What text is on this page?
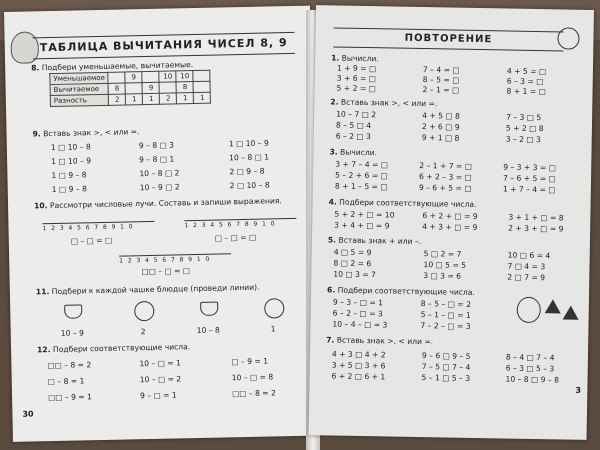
ТАБЛИЦА ВЫЧИТАНИЯ ЧИСЕЛ 8, 9
8. Подбери уменьшаемые, вычитаемые.
Уменьшаемое		9		10	10	
Вычитаемое	8		9		8	
Разность	2	1	1	2	1	1
9. Вставь знак >, < или =.
1 □ 10 – 8
1 □ 10 – 9
1 □ 9 – 8
1 □ 9 – 8
9 – 8 □ 3
9 – 8 □ 1
10 – 8 □ 2
10 – 9 □ 2
1 □ 10 – 9
10 – 8 □ 1
2 □ 9 – 8
2 □ 10 – 8
10. Рассмотри числовые лучи. Составь и запиши выражения.
12345678910
□ – □ = □
12345678910
□ – □ = □
12345678910
□□ – □ = □
11. Подбери к каждой чашке блюдце (проведи линии).
10 – 9	2	10 – 8	1
12. Подбери соответствующие числа.
□□ – 8 = 2
□ – 8 = 1
□□ – 9 = 1
10 – □ = 1
10 – □ = 2
9 – □ = 1
□ – 9 = 1
10 – □ = 8
□□ – 8 = 2
30
ПОВТОРЕНИЕ
1. Вычисли.
1 + 9 = □
3 + 6 = □
5 + 2 = □
7 – 4 = □
8 – 5 = □
2 – 1 = □
4 + 5 = □
6 – 3 = □
8 + 1 = □
2. Вставь знак >, < или =.
10 – 7 □ 2
8 – 5 □ 4
6 – 2 □ 3
4 + 5 □ 8
2 + 6 □ 9
9 + 1 □ 8
7 – 3 □ 5
5 + 2 □ 8
3 – 2 □ 3
3. Вычисли.
3 + 7 – 4 = □
5 – 2 + 6 = □
8 + 1 – 5 = □
2 – 1 + 7 = □
6 + 2 – 3 = □
9 – 6 + 5 = □
9 – 3 + 3 = □
7 – 6 + 5 = □
1 + 7 – 4 = □
4. Подбери соответствующие числа.
5 + 2 + □ = 10
3 + 4 + □ = 9
6 + 2 + □ = 9
4 + 3 + □ = 9
3 + 1 + □ = 8
2 + 3 + □ = 9
5. Вставь знак + или –.
4 □ 5 = 9
8 □ 2 = 6
10 □ 3 = 7
5 □ 2 = 7
10 □ 5 = 5
3 □ 3 = 6
10 □ 6 = 4
7 □ 4 = 3
2 □ 7 = 9
6. Подбери соответствующие числа.
9 – 3 – □ = 1
6 – 2 – □ = 3
10 – 4 – □ = 3
8 – 5 – □ = 2
5 – 1 – □ = 1
7 – 2 – □ = 3
7. Вставь знак >, < или =.
4 + 3 □ 4 + 2
3 + 5 □ 3 + 6
6 + 2 □ 6 + 1
9 – 6 □ 9 – 5
7 – 5 □ 7 – 4
5 – 1 □ 5 – 3
8 – 4 □ 7 – 4
6 – 3 □ 5 – 3
10 – 8 □ 9 – 8
3
